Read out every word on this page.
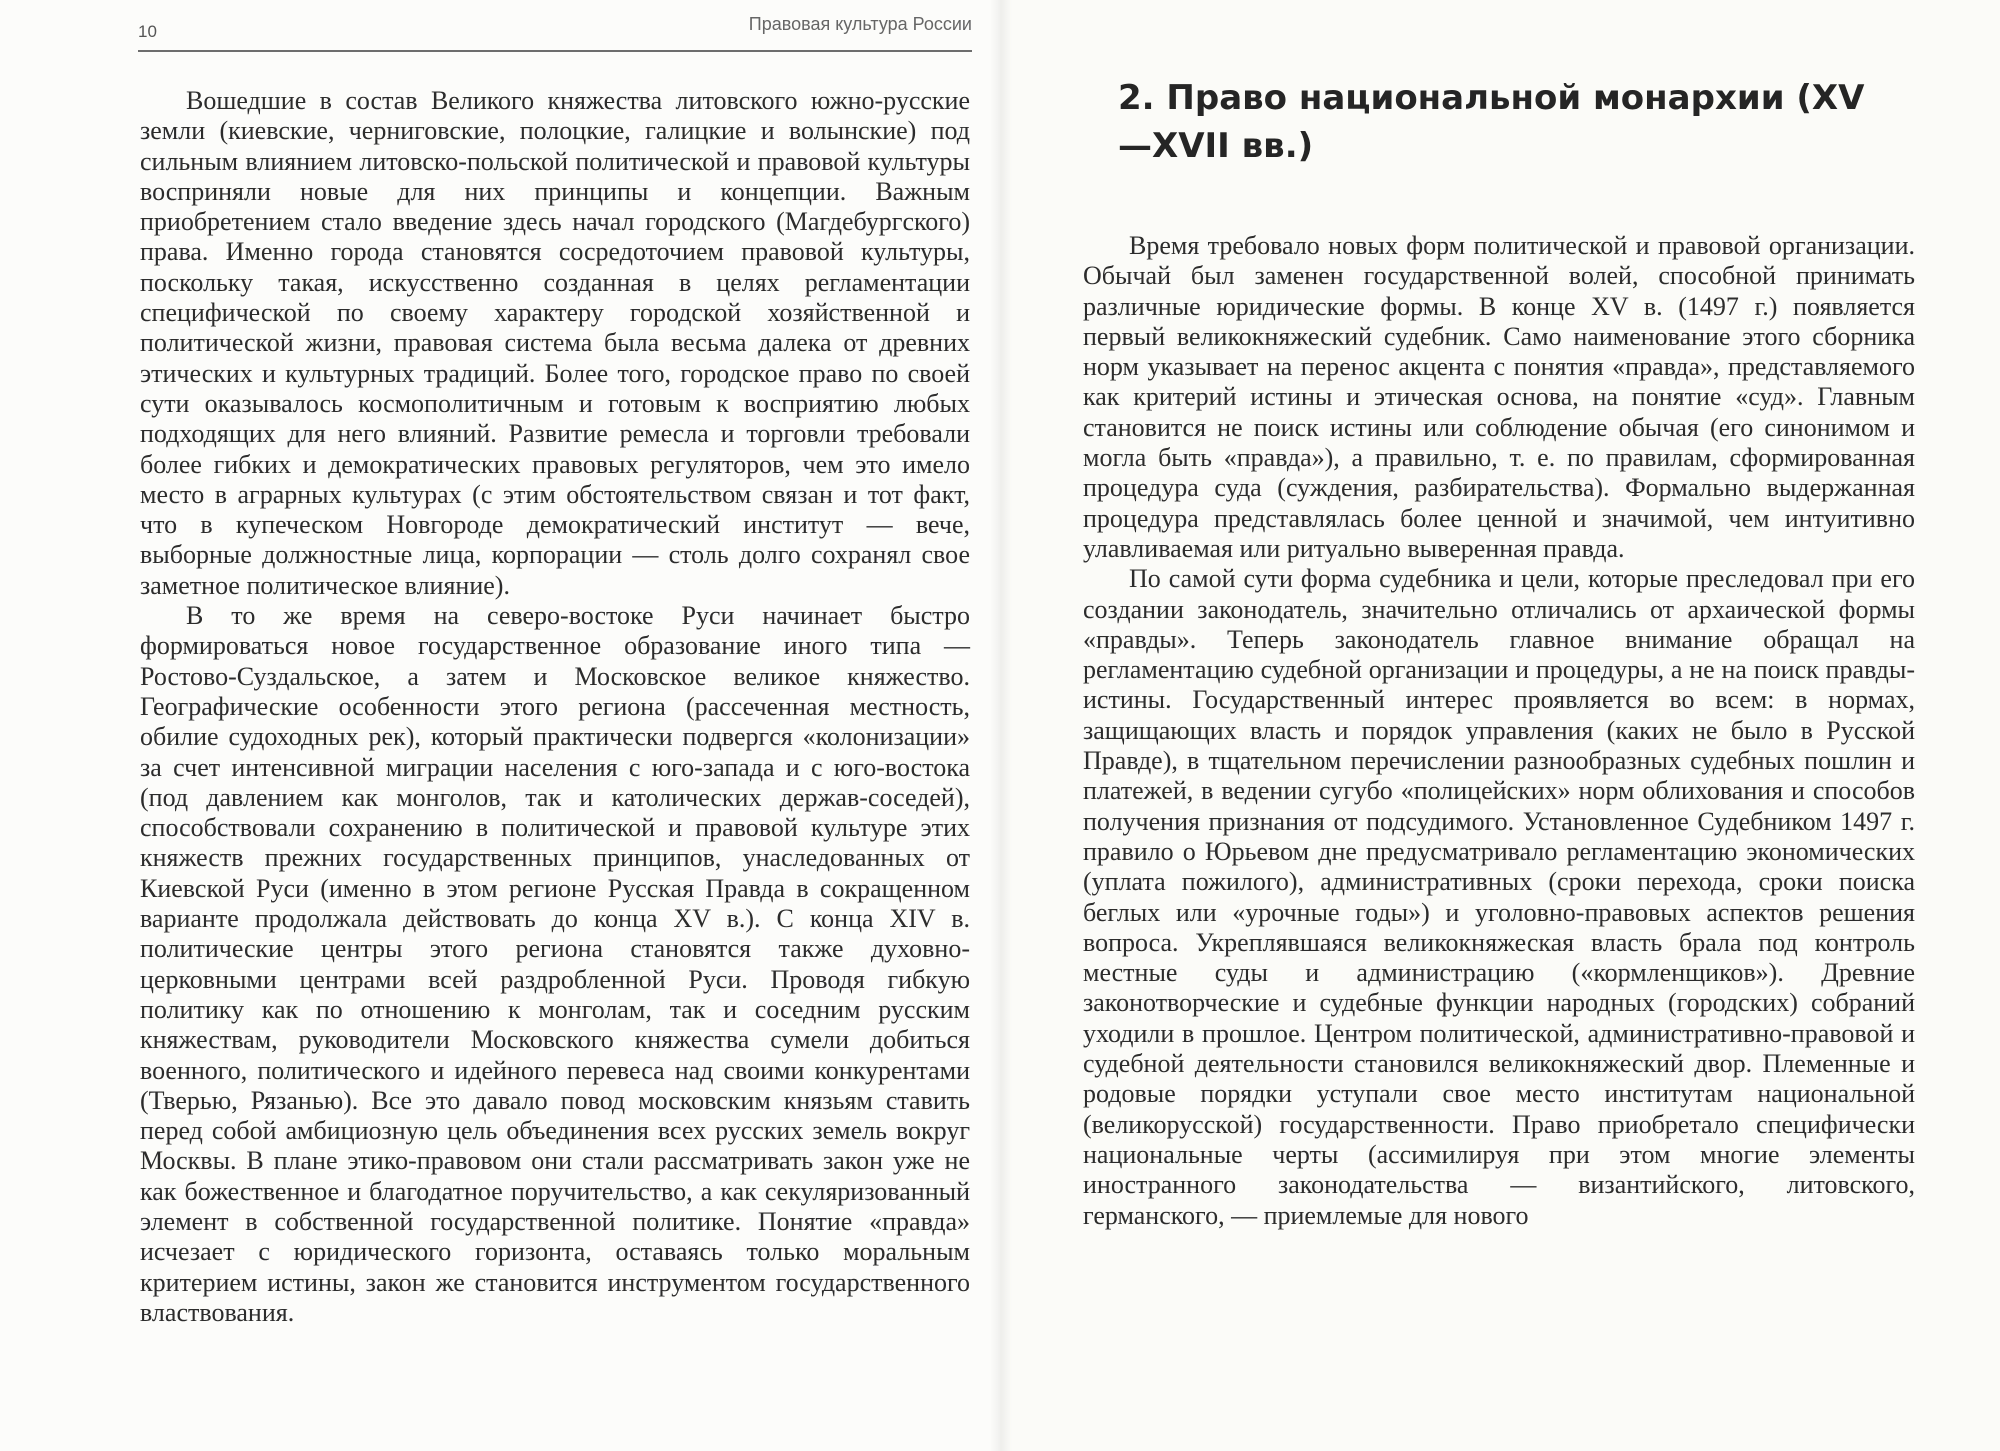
10	Правовая культура России

Вошедшие в состав Великого княжества литовского южно-русские земли (киевские, черниговские, полоцкие, галицкие и волынские) под сильным влиянием литовско-польской политической и правовой культуры восприняли новые для них принципы и концепции. Важным приобретением стало введение здесь начал городского (Магдебургского) права. Именно города становятся сосредоточием правовой культуры, поскольку такая, искусственно созданная в целях регламентации специфической по своему характеру городской хозяйственной и политической жизни, правовая система была весьма далека от древних этических и культурных традиций. Более того, городское право по своей сути оказывалось космополитичным и готовым к восприятию любых подходящих для него влияний. Развитие ремесла и торговли требовали более гибких и демократических правовых регуляторов, чем это имело место в аграрных культурах (с этим обстоятельством связан и тот факт, что в купеческом Новгороде демократический институт — вече, выборные должностные лица, корпорации — столь долго сохранял свое заметное политическое влияние).

В то же время на северо-востоке Руси начинает быстро формироваться новое государственное образование иного типа — Ростово-Суздальское, а затем и Московское великое княжество. Географические особенности этого региона (рассеченная местность, обилие судоходных рек), который практически подвергся «колонизации» за счет интенсивной миграции населения с юго-запада и с юго-востока (под давлением как монголов, так и католических держав-соседей), способствовали сохранению в политической и правовой культуре этих княжеств прежних государственных принципов, унаследованных от Киевской Руси (именно в этом регионе Русская Правда в сокращенном варианте продолжала действовать до конца XV в.). С конца XIV в. политические центры этого региона становятся также духовно-церковными центрами всей раздробленной Руси. Проводя гибкую политику как по отношению к монголам, так и соседним русским княжествам, руководители Московского княжества сумели добиться военного, политического и идейного перевеса над своими конкурентами (Тверью, Рязанью). Все это давало повод московским князьям ставить перед собой амбициозную цель объединения всех русских земель вокруг Москвы. В плане этико-правовом они стали рассматривать закон уже не как божественное и благодатное поручительство, а как секуляризованный элемент в собственной государственной политике. Понятие «правда» исчезает с юридического горизонта, оставаясь только моральным критерием истины, закон же становится инструментом государственного властвования.

2. Право национальной монархии (XV—XVII вв.)

Время требовало новых форм политической и правовой организации. Обычай был заменен государственной волей, способной принимать различные юридические формы. В конце XV в. (1497 г.) появляется первый великокняжеский судебник. Само наименование этого сборника норм указывает на перенос акцента с понятия «правда», представляемого как критерий истины и этическая основа, на понятие «суд». Главным становится не поиск истины или соблюдение обычая (его синонимом и могла быть «правда»), а правильно, т. е. по правилам, сформированная процедура суда (суждения, разбирательства). Формально выдержанная процедура представлялась более ценной и значимой, чем интуитивно улавливаемая или ритуально выверенная правда.

По самой сути форма судебника и цели, которые преследовал при его создании законодатель, значительно отличались от архаической формы «правды». Теперь законодатель главное внимание обращал на регламентацию судебной организации и процедуры, а не на поиск правды-истины. Государственный интерес проявляется во всем: в нормах, защищающих власть и порядок управления (каких не было в Русской Правде), в тщательном перечислении разнообразных судебных пошлин и платежей, в ведении сугубо «полицейских» норм облихования и способов получения признания от подсудимого. Установленное Судебником 1497 г. правило о Юрьевом дне предусматривало регламентацию экономических (уплата пожилого), административных (сроки перехода, сроки поиска беглых или «урочные годы») и уголовно-правовых аспектов решения вопроса. Укреплявшаяся великокняжеская власть брала под контроль местные суды и администрацию («кормленщиков»). Древние законотворческие и судебные функции народных (городских) собраний уходили в прошлое. Центром политической, административно-правовой и судебной деятельности становился великокняжеский двор. Племенные и родовые порядки уступали свое место институтам национальной (великорусской) государственности. Право приобретало специфически национальные черты (ассимилируя при этом многие элементы иностранного законодательства — византийского, литовского, германского, — приемлемые для нового
